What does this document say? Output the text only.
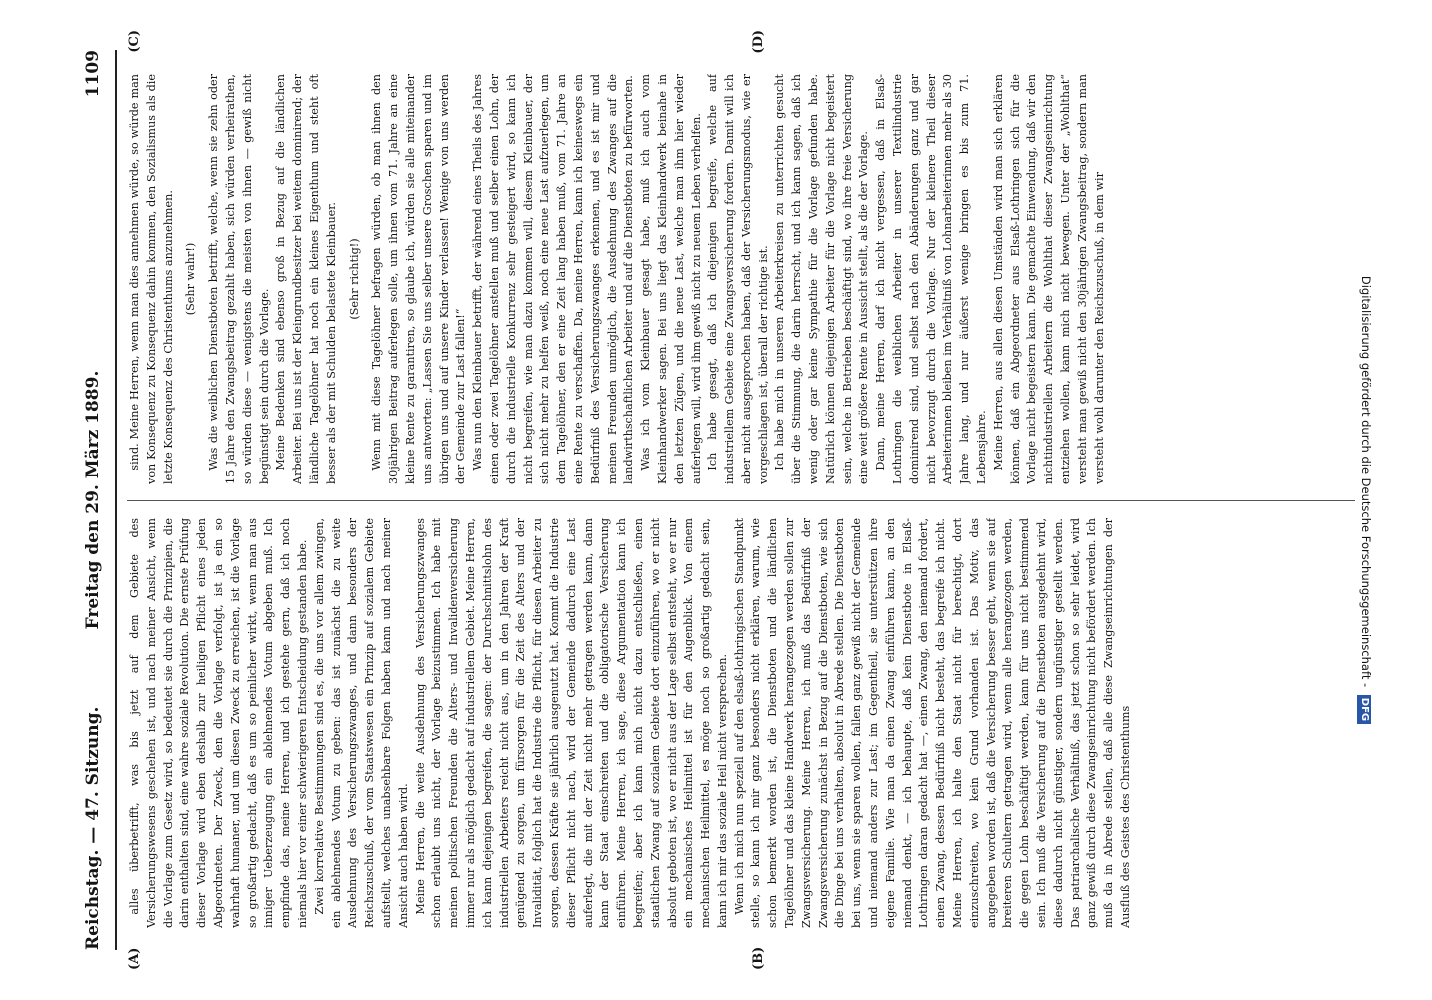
Reichstag. — 47. Sitzung.
Freitag den 29. März 1889.
1109
(A)	(B)
(C)	(D)

alles überbetrifft, was bis jetzt auf dem Gebiete des Versicherungswesens geschehen ist, und nach meiner Ansicht, wenn die Vorlage zum Gesetz wird, so bedeutet sie durch die Prinzipien, die darin enthalten sind, eine wahre soziale Revolution. Die ernste Prüfung dieser Vorlage wird eben deshalb zur heiligen Pflicht eines jeden Abgeordneten. Der Zweck, den die Vorlage verfolgt, ist ja ein so wahrhaft humaner, und um diesen Zweck zu erreichen, ist die Vorlage so großartig gedacht, daß es um so peinlicher wirkt, wenn man aus inniger Ueberzeugung ein ablehnendes Votum abgeben muß. Ich empfinde das, meine Herren, und ich gestehe gern, daß ich noch niemals hier vor einer schwierigeren Entscheidung gestanden habe. Zwei korrelative Bestimmungen sind es, die uns vor allem zwingen, ein ablehnendes Votum zu geben: das ist zunächst die zu weite Ausdehnung des Versicherungszwanges, und dann besonders der Reichszuschuß, der vom Staatswesen ein Prinzip auf sozialem Gebiete aufstellt, welches unabsehbare Folgen haben kann und nach meiner Ansicht auch haben wird. Meine Herren, die weite Ausdehnung des Versicherungszwanges schon erlaubt uns nicht, der Vorlage beizustimmen. Ich habe mit meinen politischen Freunden die Alters- und Invalidenversicherung immer nur als möglich gedacht auf industriellem Gebiet. Meine Herren, ich kann diejenigen begreifen, die sagen: der Durchschnittslohn des industriellen Arbeiters reicht nicht aus, um in den Jahren der Kraft genügend zu sorgen, um fürsorgen für die Zeit des Alters und der Invalidität, folglich hat die Industrie die Pflicht, für diesen Arbeiter zu sorgen, dessen Kräfte sie jährlich ausgenutzt hat. Kommt die Industrie dieser Pflicht nicht nach, wird der Gemeinde dadurch eine Last auferlegt, die mit der Zeit nicht mehr getragen werden kann, dann kann der Staat einschreiten und die obligatorische Versicherung einführen. Meine Herren, ich sage, diese Argumentation kann ich begreifen; aber ich kann mich nicht dazu entschließen, einen staatlichen Zwang auf sozialem Gebiete dort einzuführen, wo er nicht absolut geboten ist, wo er nicht aus der Lage selbst entsteht, wo er nur ein mechanisches Heilmittel ist für den Augenblick. Von einem mechanischen Heilmittel, es möge noch so großartig gedacht sein, kann ich mir das soziale Heil nicht versprechen. Wenn ich mich nun speziell auf den elsaß-lothringischen Standpunkt stelle, so kann ich mir ganz besonders nicht erklären, warum, wie schon bemerkt worden ist, die Dienstboten und die ländlichen Tagelöhner und das kleine Handwerk herangezogen werden sollen zur Zwangsversicherung. Meine Herren, ich muß das Bedürfniß der Zwangsversicherung zunächst in Bezug auf die Dienstboten, wie sich die Dinge bei uns verhalten, absolut in Abrede stellen. Die Dienstboten bei uns, wenn sie sparen wollen, fallen ganz gewiß nicht der Gemeinde und niemand anders zur Last; im Gegentheil, sie unterstützen ihre eigene Familie. Wie man da einen Zwang einführen kann, an den niemand denkt, — ich behaupte, daß kein Dienstbote in Elsaß-Lothringen daran gedacht hat —, einen Zwang, den niemand fordert, einen Zwang, dessen Bedürfniß nicht besteht, das begreife ich nicht. Meine Herren, ich halte den Staat nicht für berechtigt, dort einzuschreiten, wo kein Grund vorhanden ist. Das Motiv, das angegeben worden ist, daß die Versicherung besser geht, wenn sie auf breiteren Schultern getragen wird, wenn alle herangezogen werden, die gegen Lohn beschäftigt werden, kann für uns nicht bestimmend sein. Ich muß die Versicherung auf die Dienstboten ausgedehnt wird, diese dadurch nicht günstiger, sondern ungünstiger gestellt werden. Das patriarchalische Verhältniß, das jetzt schon so sehr leidet, wird ganz gewiß durch diese Zwangseinrichtung nicht befördert werden. Ich muß da in Abrede stellen, daß alle diese Zwangseinrichtungen der Ausfluß des Geistes des Christenthums

sind. Meine Herren, wenn man dies annehmen würde, so würde man von Konsequenz zu Konsequenz dahin kommen, den Sozialismus als die letzte Konsequenz des Christenthums anzunehmen. (Sehr wahr!) Was die weiblichen Dienstboten betrifft, welche, wenn sie zehn oder 15 Jahre den Zwangsbeitrag gezahlt haben, sich würden verheirathen, so würden diese — wenigstens die meisten von ihnen — gewiß nicht begünstigt sein durch die Vorlage. Meine Bedenken sind ebenso groß in Bezug auf die ländlichen Arbeiter. Bei uns ist der Kleingrundbesitzer bei weitem dominirend; der ländliche Tagelöhner hat noch ein kleines Eigenthum und steht oft besser als der mit Schulden belastete Kleinbauer. (Sehr richtig!) Wenn mit diese Tagelöhner befragen würden, ob man ihnen den 30jährigen Beitrag auferlegen solle, um ihnen vom 71. Jahre an eine kleine Rente zu garantiren, so glaube ich, würden sie alle miteinander uns antworten: „Lassen Sie uns selber unsere Groschen sparen und im übrigen uns und auf unsere Kinder verlassen! Wenige von uns werden der Gemeinde zur Last fallen!“ Was nun den Kleinbauer betrifft, der während eines Theils des Jahres einen oder zwei Tagelöhner anstellen muß und selber einen Lohn, der durch die industrielle Konkurrenz sehr gesteigert wird, so kann ich nicht begreifen, wie man dazu kommen will, diesem Kleinbauer, der sich nicht mehr zu helfen weiß, noch eine neue Last aufzuerlegen, um dem Tagelöhner, den er eine Zeit lang haben muß, vom 71. Jahre an eine Rente zu verschaffen. Da, meine Herren, kann ich keineswegs ein Bedürfniß des Versicherungszwanges erkennen, und es ist mir und meinen Freunden unmöglich, die Ausdehnung des Zwanges auf die landwirthschaftlichen Arbeiter und auf die Dienstboten zu befürworten. Was ich vom Kleinbauer gesagt habe, muß ich auch vom Kleinhandwerker sagen. Bei uns liegt das Kleinhandwerk beinahe in den letzten Zügen, und die neue Last, welche man ihm hier wieder auferlegen will, wird ihm gewiß nicht zu neuem Leben verhelfen. Ich habe gesagt, daß ich diejenigen begreife, welche auf industriellem Gebiete eine Zwangsversicherung fordern. Damit will ich aber nicht ausgesprochen haben, daß der Versicherungsmodus, wie er vorgeschlagen ist, überall der richtige ist. Ich habe mich in unseren Arbeiterkreisen zu unterrichten gesucht über die Stimmung, die darin herrscht, und ich kann sagen, daß ich wenig oder gar keine Sympathie für die Vorlage gefunden habe. Natürlich können diejenigen Arbeiter für die Vorlage nicht begeistert sein, welche in Betrieben beschäftigt sind, wo ihre freie Versicherung eine weit größere Rente in Aussicht stellt, als die der Vorlage. Dann, meine Herren, darf ich nicht vergessen, daß in Elsaß-Lothringen die weiblichen Arbeiter in unserer Textilindustrie dominirend sind, und selbst nach den Abänderungen ganz und gar nicht bevorzugt durch die Vorlage. Nur der kleinere Theil dieser Arbeiterinnen bleiben im Verhältniß von Lohnarbeiterinnen mehr als 30 Jahre lang, und nur äußerst wenige bringen es bis zum 71. Lebensjahre. Meine Herren, aus allen diesen Umständen wird man sich erklären können, daß ein Abgeordneter aus Elsaß-Lothringen sich für die Vorlage nicht begeistern kann. Die gemachte Einwendung, daß wir den nichtindustriellen Arbeitern die Wohlthat dieser Zwangseinrichtung entziehen wollen, kann mich nicht bewegen. Unter der „Wohlthat“ versteht man gewiß nicht den 30jährigen Zwangsbeitrag, sondern man versteht wohl darunter den Reichszuschuß, in dem wir	Digitalisierung gefördert durch die Deutsche Forschungsgemeinschaft - DFG
